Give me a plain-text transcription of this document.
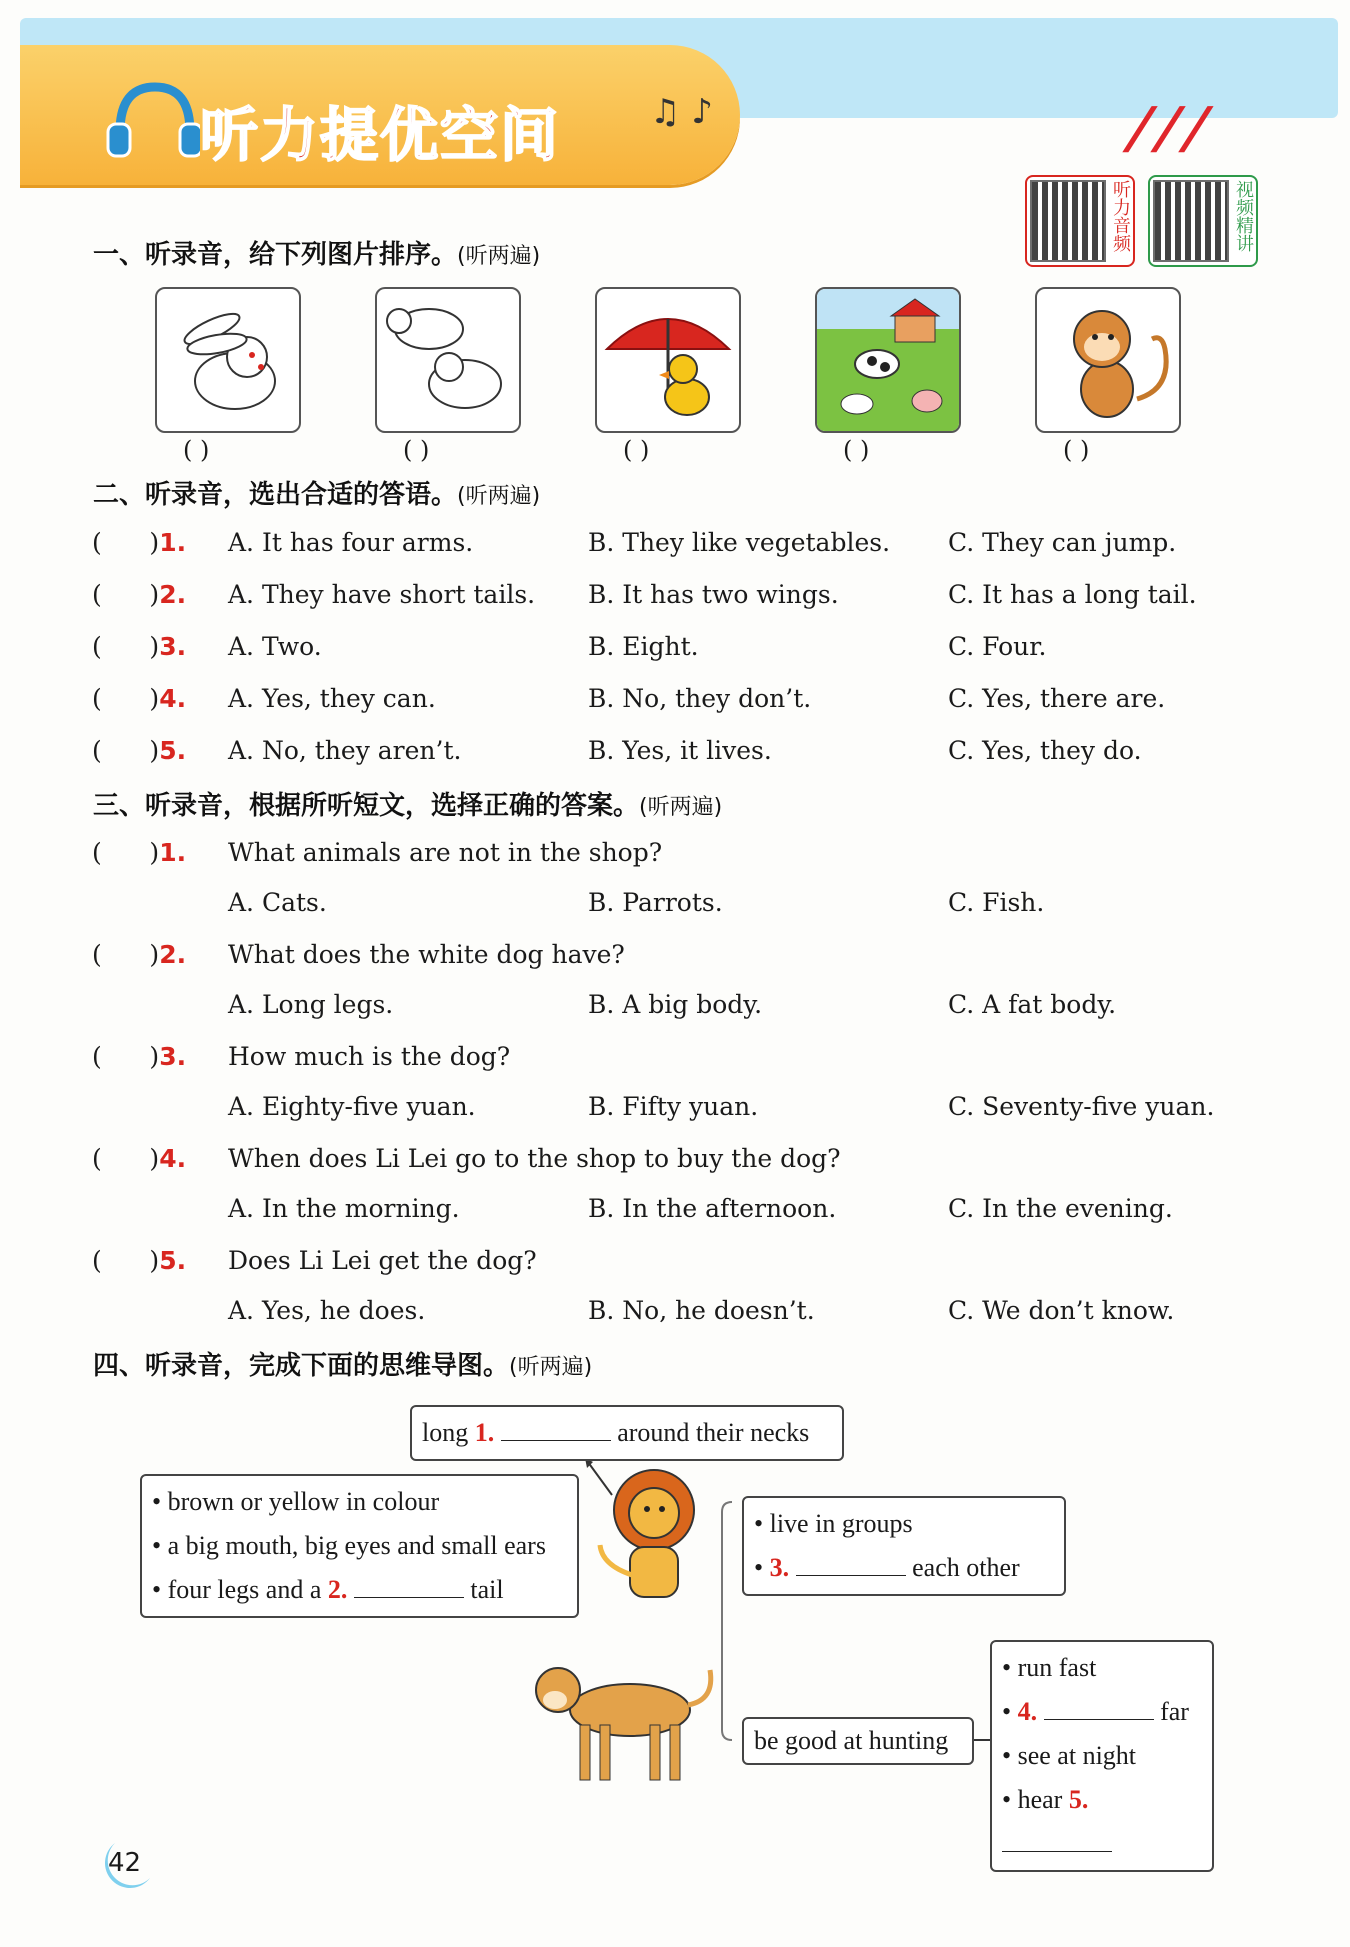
听力提优空间	♫ ♪	/ / /
听力音频	视频精讲
一、听录音，给下列图片排序。(听两遍)
( )	( )	( )	( )	( )
二、听录音，选出合适的答语。(听两遍)
(      )1. A. It has four arms.	B. They like vegetables. C. They can jump.
(      )2. A. They have short tails. B. It has two wings.	C. It has a long tail.
(      )3. A. Two.	B. Eight.	C. Four.
(      )4. A. Yes, they can.	B. No, they don’t.	C. Yes, there are.
(      )5. A. No, they aren’t.	B. Yes, it lives.	C. Yes, they do.
三、听录音，根据所听短文，选择正确的答案。(听两遍)
(      )1. What animals are not in the shop?
A. Cats.	B. Parrots.	C. Fish.
(      )2. What does the white dog have?
A. Long legs.	B. A big body.	C. A fat body.
(      )3. How much is the dog?
A. Eighty-five yuan.	B. Fifty yuan.	C. Seventy-five yuan.
(      )4. When does Li Lei go to the shop to buy the dog?
A. In the morning.	B. In the afternoon.	C. In the evening.
(      )5. Does Li Lei get the dog?
A. Yes, he does.	B. No, he doesn’t.	C. We don’t know.
四、听录音，完成下面的思维导图。(听两遍)
long 1.	around their necks
• brown or yellow in colour
• a big mouth, big eyes and small ears
• four legs and a 2.	tail
• live in groups
• 3.	each other
be good at hunting
• run fast
• 4.	far
• see at night
• hear 5.
42
